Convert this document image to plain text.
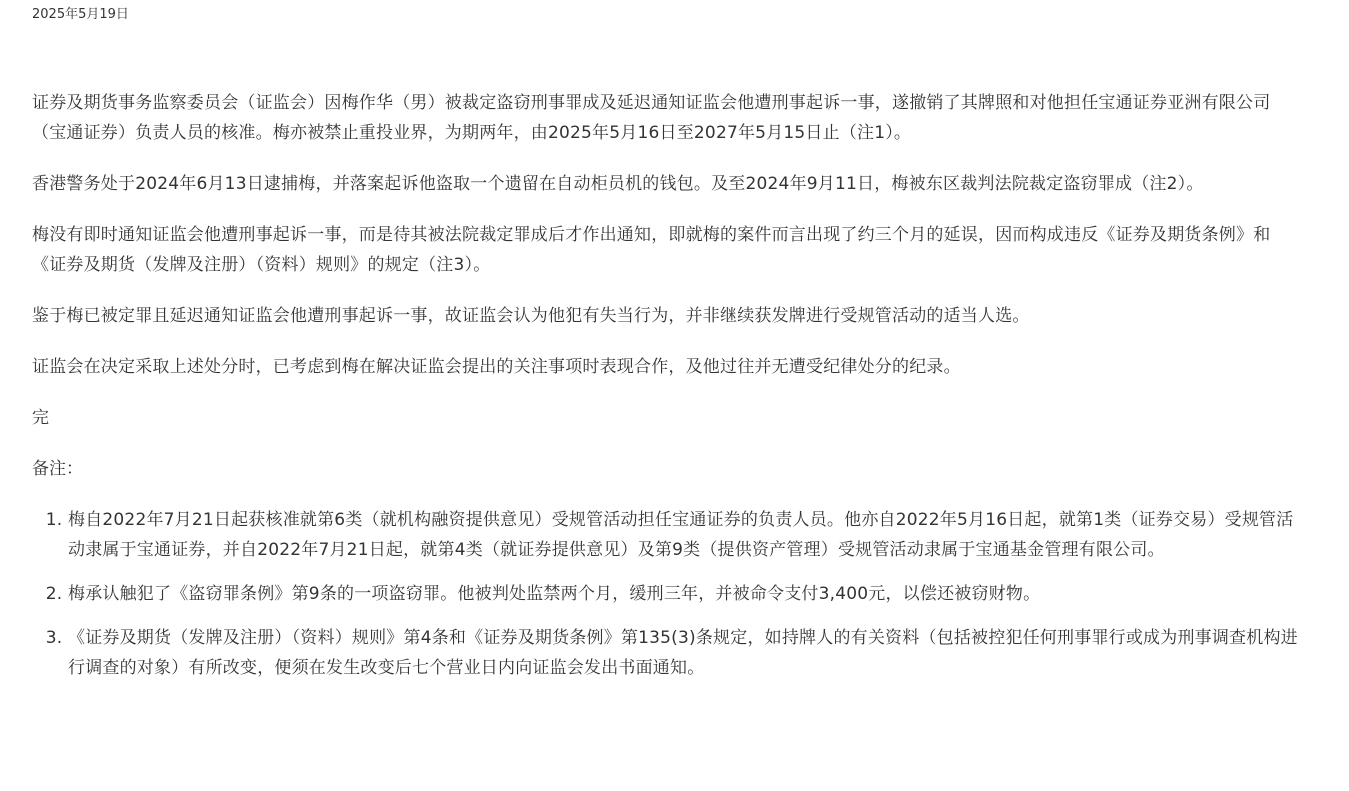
2025年5月19日

证券及期货事务监察委员会（证监会）因梅作华（男）被裁定盗窃刑事罪成及延迟通知证监会他遭刑事起诉一事，遂撤销了其牌照和对他担任宝通证券亚洲有限公司（宝通证券）负责人员的核准。梅亦被禁止重投业界，为期两年，由2025年5月16日至2027年5月15日止（注1）。

香港警务处于2024年6月13日逮捕梅，并落案起诉他盗取一个遗留在自动柜员机的钱包。及至2024年9月11日，梅被东区裁判法院裁定盗窃罪成（注2）。

梅没有即时通知证监会他遭刑事起诉一事，而是待其被法院裁定罪成后才作出通知，即就梅的案件而言出现了约三个月的延误，因而构成违反《证券及期货条例》和《证券及期货（发牌及注册）（资料）规则》的规定（注3）。

鉴于梅已被定罪且延迟通知证监会他遭刑事起诉一事，故证监会认为他犯有失当行为，并非继续获发牌进行受规管活动的适当人选。

证监会在决定采取上述处分时，已考虑到梅在解决证监会提出的关注事项时表现合作，及他过往并无遭受纪律处分的纪录。

完

备注：

1. 梅自2022年7月21日起获核准就第6类（就机构融资提供意见）受规管活动担任宝通证券的负责人员。他亦自2022年5月16日起，就第1类（证券交易）受规管活动隶属于宝通证券，并自2022年7月21日起，就第4类（就证券提供意见）及第9类（提供资产管理）受规管活动隶属于宝通基金管理有限公司。
2. 梅承认触犯了《盗窃罪条例》第9条的一项盗窃罪。他被判处监禁两个月，缓刑三年，并被命令支付3,400元，以偿还被窃财物。
3. 《证券及期货（发牌及注册）（资料）规则》第4条和《证券及期货条例》第135(3)条规定，如持牌人的有关资料（包括被控犯任何刑事罪行或成为刑事调查机构进行调查的对象）有所改变，便须在发生改变后七个营业日内向证监会发出书面通知。
